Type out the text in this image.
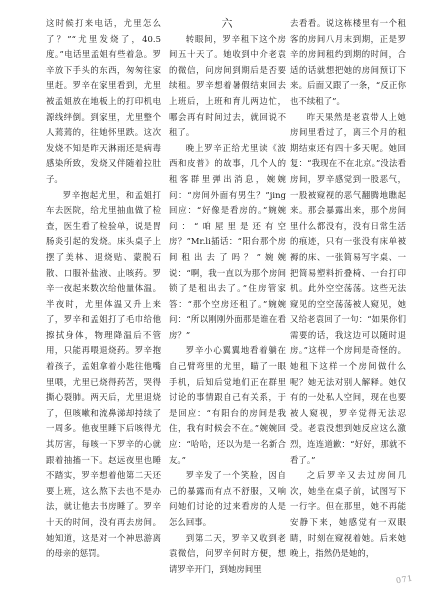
这时候打来电话，尤里怎么了？”“尤里发烧了，40.5度。”电话里孟姐有些着急。罗辛放下手头的东西，匆匆往家里赶。罗辛在家里看到，尤里被孟姐放在地板上的打印机电源线绊倒。到家里，尤里整个人蔫蔫的，往她怀里跌。这次发烧不知是昨天淋雨还是病毒感染所致，发烧又伴随着拉肚子。

罗辛抱起尤里，和孟姐打车去医院，给尤里抽血做了检查，医生看了检验单，说是胃肠炎引起的发烧。床头桌子上摆了美林、退烧贴、蒙脱石散、口服补盐液、止咳药。罗辛一夜起来数次给他量体温。半夜时，尤里体温又升上来了，罗辛和孟姐打了毛巾给他擦拭身体，物理降温后不管用，只能再喂退烧药。罗辛抱着孩子，孟姐拿着小匙往他嘴里喂，尤里已烧得药苦，哭得撕心裂肺。两天后，尤里退烧了，但咳嗽和流鼻涕却持续了一周多。他夜里睡下后咳得尤其厉害，每咳一下罗辛的心就跟着抽搐一下。赵远夜里也睡不踏实，罗辛想着他第二天还要上班，这么熬下去也不是办法，就让他去书房睡了。罗辛十天的时间，没有再去房间。她知道，这是对一个神思游离的母亲的惩罚。

六

转眼间，罗辛租下这个房间五十天了。她收到中介老袁的微信，问房间到期后是否要续租。罗辛想着暑假结束回去上班后，上班和育儿两边忙，哪会再有时间过去，就回说不租了。

晚上罗辛正给尤里读《波西和皮普》的故事，几个人的租客群里弹出消息，婉婉问：“房间外面有男生？”jing回应：“好像是看房的。”婉婉问：“咱屋里是还有空房？”Mr.li插话：“阳台那个房间租出去了吗？”婉婉说：“啊，我一直以为那个房间锁了是租出去了。”住房管家答：“那个空房还租了。”婉婉问：“所以刚刚外面那是谁在看房？”

罗辛小心翼翼地看着躺在自己臂弯里的尤里，瞄了一眼手机，后知后觉地们正在群里讨论的事情跟自己有关系，于是回应：“有阳台的房间是我住，我有时候会不在。”婉婉回应：“哈哈，还以为是一名新合友。”

罗辛发了一个笑脸，因自己的暴露而有点不舒服，又响问她们讨论的过来看房的人是怎么回事。

到第二天，罗辛又收到老袁微信，问罗辛何时方便，想请罗辛开门，到她房间里

去看看。说这栋楼里有一个租客的房间八月末到期，正是罗辛的房间租约到期的时间，合适的话就想把她的房间预订下来。后面又跟了一条，“反正你也不续租了”。

昨天果然是老袁带人上她房间里看过了，离三个月的租期结束还有四十多天呢。她回复：“我现在不在北京。”没法看房间，罗辛感觉到一股恶气，一股被窥视的恶气翻腾地瞧起来。那会暴露出来，那个房间里什么都没有，没有日常生活的痕迹，只有一张没有床单被褥的床、一张简易写字桌、一把简易塑料折叠椅、一台打印机。此外空空荡荡。这些无法窥见的空空荡荡被人窥见，她又给老袁回了一句：“如果你们需要的话，我这边可以随时退房。”这样一个房间是奇怪的。她租下这样一个房间做什么呢？她无法对别人解释。她仅有的一处私人空间，现在也要被人窥视，罗辛觉得无法忍受。老袁没想到她反应这么激烈，连连道歉：“好好，那就不看了。”

之后罗辛又去过房间几次，她坐在桌子前，试图写下一行字。但在那里，她不再能安静下来，她感觉有一双眼睛，时刻在窥视着她。后来她晚上，指然仍是她的，

071
